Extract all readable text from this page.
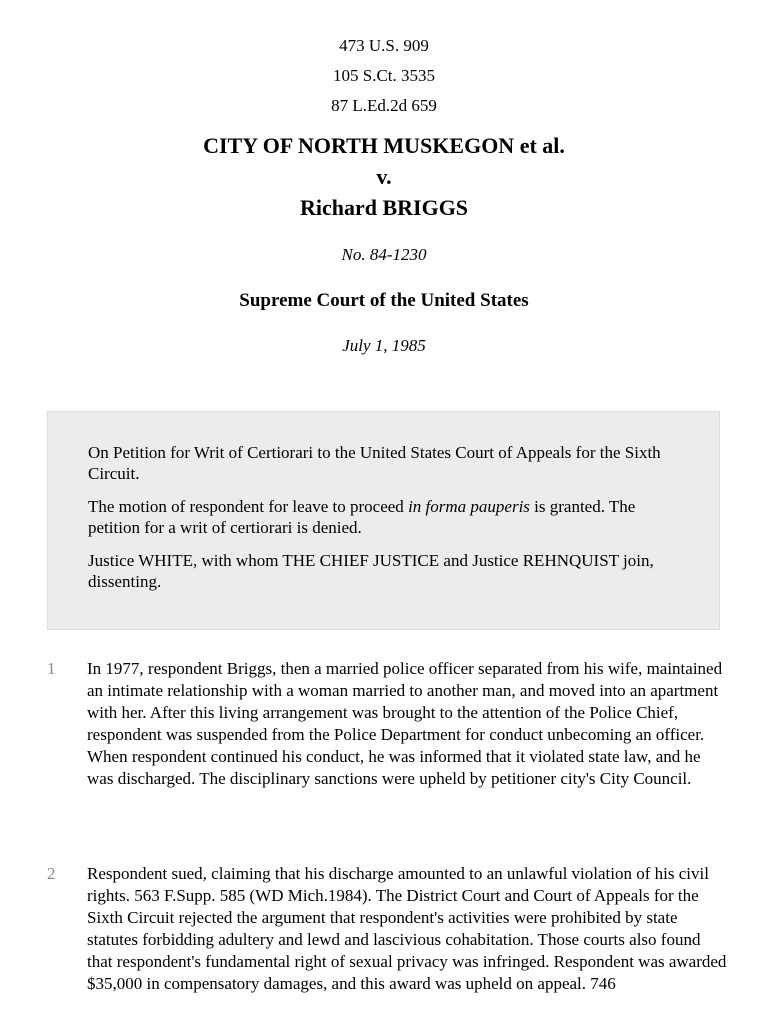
473 U.S. 909
105 S.Ct. 3535
87 L.Ed.2d 659
CITY OF NORTH MUSKEGON et al.
v.
Richard BRIGGS
No. 84-1230
Supreme Court of the United States
July 1, 1985

On Petition for Writ of Certiorari to the United States Court of Appeals for the Sixth Circuit.

The motion of respondent for leave to proceed in forma pauperis is granted. The petition for a writ of certiorari is denied.

Justice WHITE, with whom THE CHIEF JUSTICE and Justice REHNQUIST join, dissenting.

1	In 1977, respondent Briggs, then a married police officer separated from his wife, maintained an intimate relationship with a woman married to another man, and moved into an apartment with her. After this living arrangement was brought to the attention of the Police Chief, respondent was suspended from the Police Department for conduct unbecoming an officer. When respondent continued his conduct, he was informed that it violated state law, and he was discharged. The disciplinary sanctions were upheld by petitioner city's City Council.
2	Respondent sued, claiming that his discharge amounted to an unlawful violation of his civil rights. 563 F.Supp. 585 (WD Mich.1984). The District Court and Court of Appeals for the Sixth Circuit rejected the argument that respondent's activities were prohibited by state statutes forbidding adultery and lewd and lascivious cohabitation. Those courts also found that respondent's fundamental right of sexual privacy was infringed. Respondent was awarded $35,000 in compensatory damages, and this award was upheld on appeal. 746
